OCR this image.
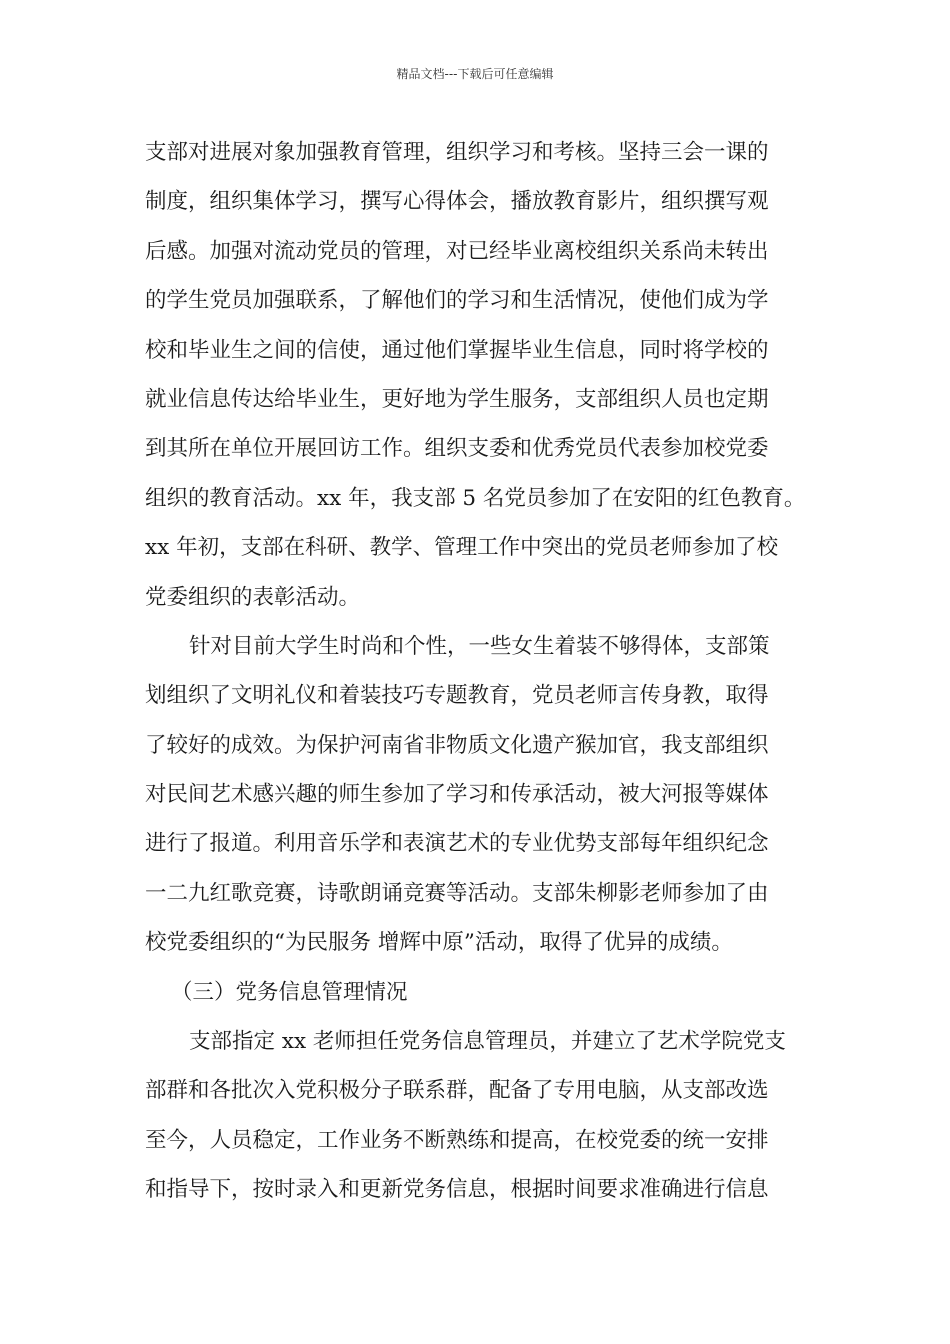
精品文档---下载后可任意编辑
支部对进展对象加强教育管理，组织学习和考核。坚持三会一课的
制度，组织集体学习，撰写心得体会，播放教育影片，组织撰写观
后感。加强对流动党员的管理，对已经毕业离校组织关系尚未转出
的学生党员加强联系，了解他们的学习和生活情况，使他们成为学
校和毕业生之间的信使，通过他们掌握毕业生信息，同时将学校的
就业信息传达给毕业生，更好地为学生服务，支部组织人员也定期
到其所在单位开展回访工作。组织支委和优秀党员代表参加校党委
组织的教育活动。xx 年，我支部 5 名党员参加了在安阳的红色教育。
xx 年初，支部在科研、教学、管理工作中突出的党员老师参加了校
党委组织的表彰活动。
针对目前大学生时尚和个性，一些女生着装不够得体，支部策
划组织了文明礼仪和着装技巧专题教育，党员老师言传身教，取得
了较好的成效。为保护河南省非物质文化遗产猴加官，我支部组织
对民间艺术感兴趣的师生参加了学习和传承活动，被大河报等媒体
进行了报道。利用音乐学和表演艺术的专业优势支部每年组织纪念
一二九红歌竞赛，诗歌朗诵竞赛等活动。支部朱柳影老师参加了由
校党委组织的“为民服务 增辉中原”活动，取得了优异的成绩。
（三）党务信息管理情况
支部指定 xx 老师担任党务信息管理员，并建立了艺术学院党支
部群和各批次入党积极分子联系群，配备了专用电脑，从支部改选
至今，人员稳定，工作业务不断熟练和提高，在校党委的统一安排
和指导下，按时录入和更新党务信息，根据时间要求准确进行信息
